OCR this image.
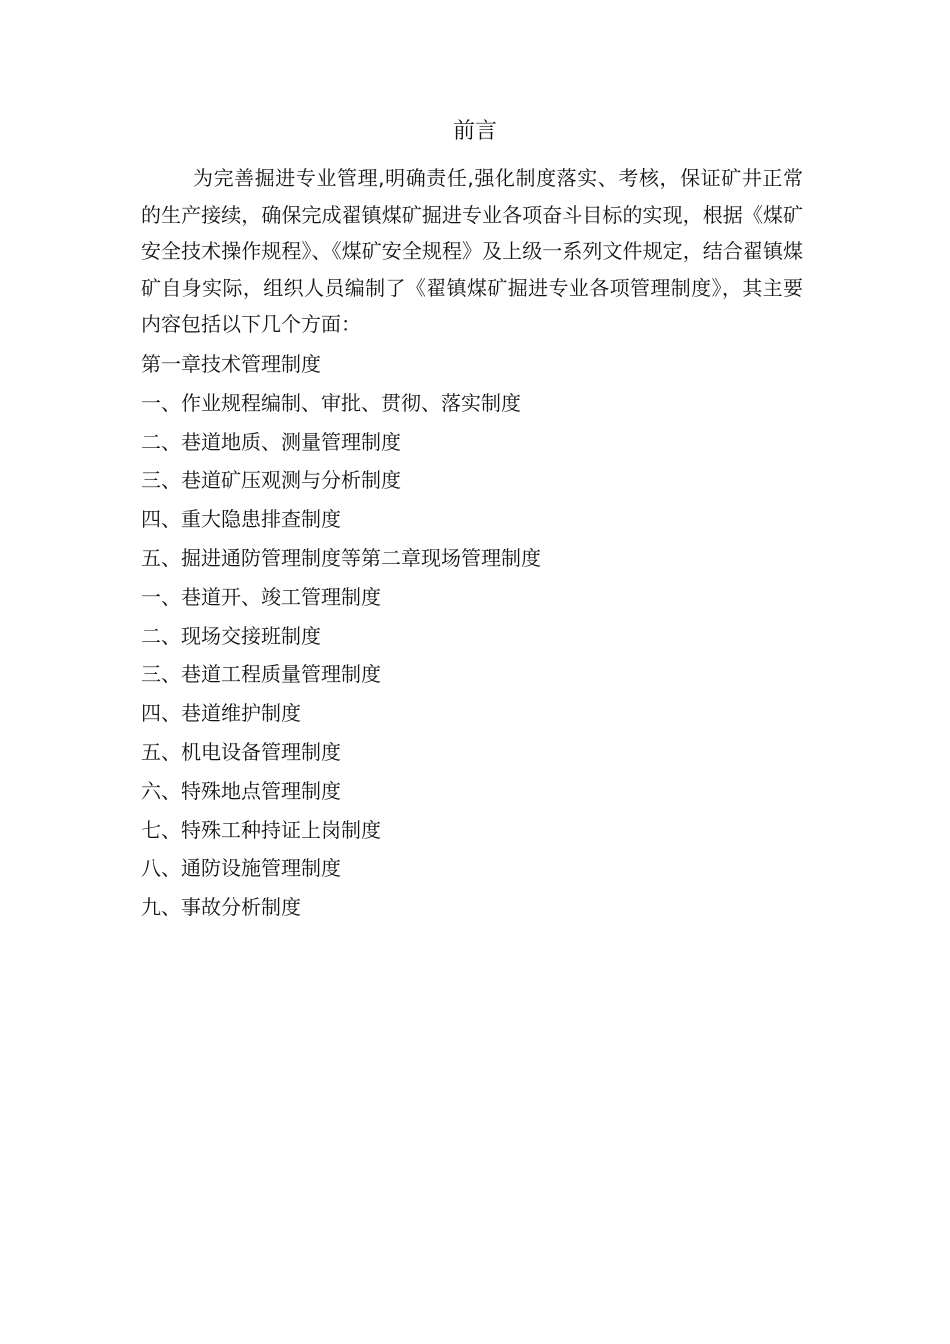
前言

为完善掘进专业管理,明确责任,强化制度落实、考核，保证矿井正常的生产接续，确保完成翟镇煤矿掘进专业各项奋斗目标的实现，根据《煤矿安全技术操作规程》、《煤矿安全规程》及上级一系列文件规定，结合翟镇煤矿自身实际，组织人员编制了《翟镇煤矿掘进专业各项管理制度》，其主要内容包括以下几个方面：

第一章技术管理制度
一、作业规程编制、审批、贯彻、落实制度
二、巷道地质、测量管理制度
三、巷道矿压观测与分析制度
四、重大隐患排查制度
五、掘进通防管理制度等第二章现场管理制度
一、巷道开、竣工管理制度
二、现场交接班制度
三、巷道工程质量管理制度
四、巷道维护制度
五、机电设备管理制度
六、特殊地点管理制度
七、特殊工种持证上岗制度
八、通防设施管理制度
九、事故分析制度
